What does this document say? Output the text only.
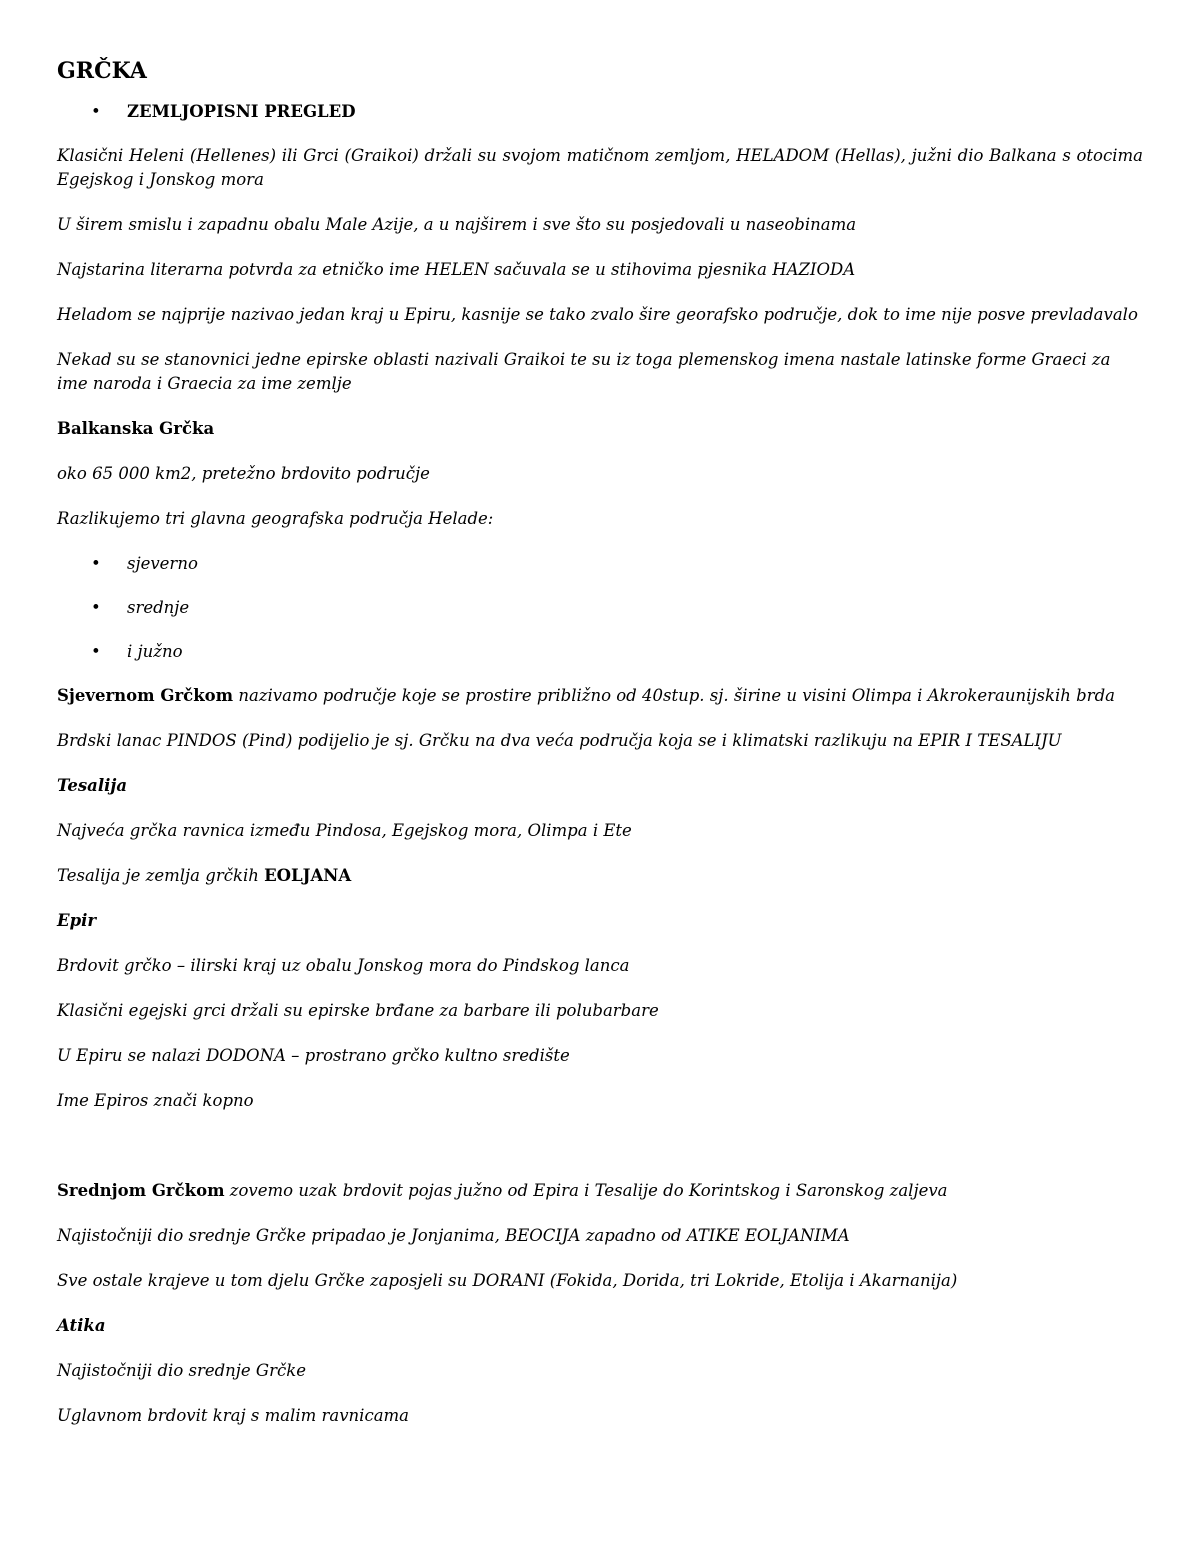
GRČKA
• ZEMLJOPISNI PREGLED

Klasični Heleni (Hellenes) ili Grci (Graikoi) držali su svojom matičnom zemljom, HELADOM (Hellas), južni dio Balkana s otocima Egejskog i Jonskog mora

U širem smislu i zapadnu obalu Male Azije, a u najširem i sve što su posjedovali u naseobinama

Najstarina literarna potvrda za etničko ime HELEN sačuvala se u stihovima pjesnika HAZIODA

Heladom se najprije nazivao jedan kraj u Epiru, kasnije se tako zvalo šire georafsko područje, dok to ime nije posve prevladavalo

Nekad su se stanovnici jedne epirske oblasti nazivali Graikoi te su iz toga plemenskog imena nastale latinske forme Graeci za ime naroda i Graecia za ime zemlje

Balkanska Grčka

oko 65 000 km2, pretežno brdovito područje

Razlikujemo tri glavna geografska područja Helade:

• sjeverno
• srednje
• i južno

Sjevernom Grčkom nazivamo područje koje se prostire približno od 40stup. sj. širine u visini Olimpa i Akrokeraunijskih brda

Brdski lanac PINDOS (Pind) podijelio je sj. Grčku na dva veća područja koja se i klimatski razlikuju na EPIR I TESALIJU

Tesalija

Najveća grčka ravnica između Pindosa, Egejskog mora, Olimpa i Ete

Tesalija je zemlja grčkih EOLJANA

Epir

Brdovit grčko – ilirski kraj uz obalu Jonskog mora do Pindskog lanca

Klasični egejski grci držali su epirske brđane za barbare ili polubarbare

U Epiru se nalazi DODONA – prostrano grčko kultno središte

Ime Epiros znači kopno

Srednjom Grčkom zovemo uzak brdovit pojas južno od Epira i Tesalije do Korintskog i Saronskog zaljeva

Najistočniji dio srednje Grčke pripadao je Jonjanima, BEOCIJA zapadno od ATIKE EOLJANIMA

Sve ostale krajeve u tom djelu Grčke zaposjeli su DORANI (Fokida, Dorida, tri Lokride, Etolija i Akarnanija)

Atika

Najistočniji dio srednje Grčke

Uglavnom brdovit kraj s malim ravnicama
